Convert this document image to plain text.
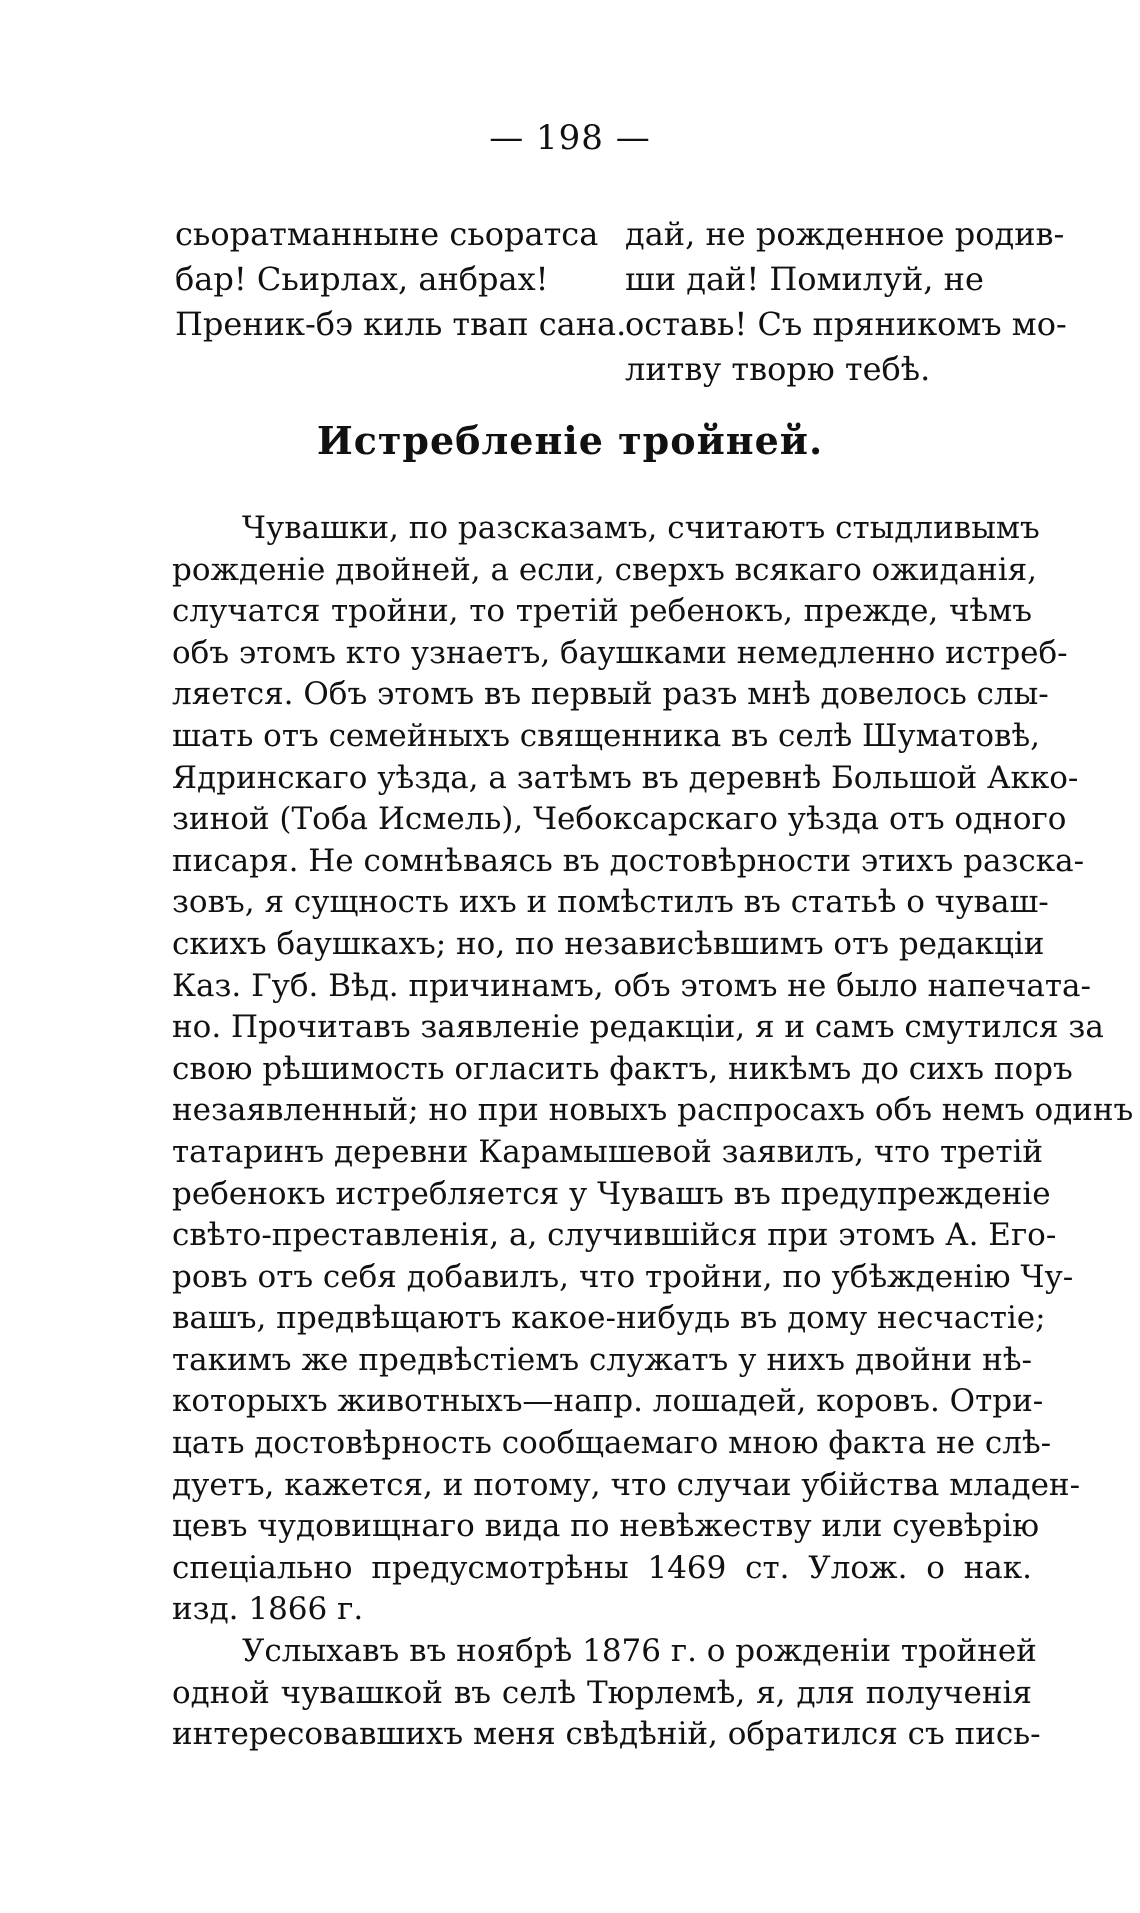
— 198 —
сьоратманныне сьоратса
бар! Сьирлах, анбрах!
Преник-бэ киль твап сана.
дай, не рожденное родив-
ши дай! Помилуй, не
оставь! Съ пряникомъ мо-
литву творю тебѣ.
Истребленіе тройней.
Чувашки, по разсказамъ, считаютъ стыдливымъ
рожденіе двойней, а если, сверхъ всякаго ожиданія,
случатся тройни, то третій ребенокъ, прежде, чѣмъ
объ этомъ кто узнаетъ, баушками немедленно истреб-
ляется. Объ этомъ въ первый разъ мнѣ довелось слы-
шать отъ семейныхъ священника въ селѣ Шуматовѣ,
Ядринскаго уѣзда, а затѣмъ въ деревнѣ Большой Акко-
зиной (Тоба Исмель), Чебоксарскаго уѣзда отъ одного
писаря. Не сомнѣваясь въ достовѣрности этихъ разска-
зовъ, я сущность ихъ и помѣстилъ въ статьѣ о чуваш-
скихъ баушкахъ; но, по независѣвшимъ отъ редакціи
Каз. Губ. Вѣд. причинамъ, объ этомъ не было напечата-
но. Прочитавъ заявленіе редакціи, я и самъ смутился за
свою рѣшимость огласить фактъ, никѣмъ до сихъ поръ
незаявленный; но при новыхъ распросахъ объ немъ одинъ
татаринъ деревни Карамышевой заявилъ, что третій
ребенокъ истребляется у Чувашъ въ предупрежденіе
свѣто-преставленія, а, случившійся при этомъ А. Его-
ровъ отъ себя добавилъ, что тройни, по убѣжденію Чу-
вашъ, предвѣщаютъ какое-нибудь въ дому несчастіе;
такимъ же предвѣстіемъ служатъ у нихъ двойни нѣ-
которыхъ животныхъ—напр. лошадей, коровъ. Отри-
цать достовѣрность сообщаемаго мною факта не слѣ-
дуетъ, кажется, и потому, что случаи убійства младен-
цевъ чудовищнаго вида по невѣжеству или суевѣрію
спеціально предусмотрѣны 1469 ст. Улож. о нак.
изд. 1866 г.
Услыхавъ въ ноябрѣ 1876 г. о рожденіи тройней
одной чувашкой въ селѣ Тюрлемѣ, я, для полученія
интересовавшихъ меня свѣдѣній, обратился съ пись-
